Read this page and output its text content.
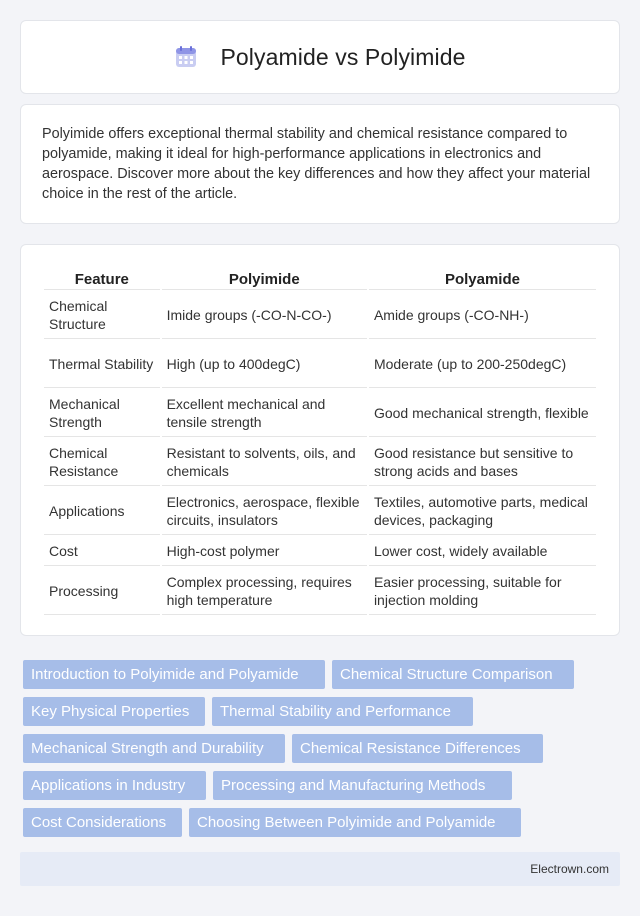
Polyamide vs Polyimide

Polyimide offers exceptional thermal stability and chemical resistance compared to polyamide, making it ideal for high-performance applications in electronics and aerospace. Discover more about the key differences and how they affect your material choice in the rest of the article.

Feature	Polyimide	Polyamide
Chemical Structure	Imide groups (-CO-N-CO-)	Amide groups (-CO-NH-)
Thermal Stability	High (up to 400degC)	Moderate (up to 200-250degC)
Mechanical Strength	Excellent mechanical and tensile strength	Good mechanical strength, flexible
Chemical Resistance	Resistant to solvents, oils, and chemicals	Good resistance but sensitive to strong acids and bases
Applications	Electronics, aerospace, flexible circuits, insulators	Textiles, automotive parts, medical devices, packaging
Cost	High-cost polymer	Lower cost, widely available
Processing	Complex processing, requires high temperature	Easier processing, suitable for injection molding
Introduction to Polyimide and Polyamide	Chemical Structure Comparison
Key Physical Properties	Thermal Stability and Performance
Mechanical Strength and Durability	Chemical Resistance Differences
Applications in Industry	Processing and Manufacturing Methods
Cost Considerations	Choosing Between Polyimide and Polyamide
Electrown.com
